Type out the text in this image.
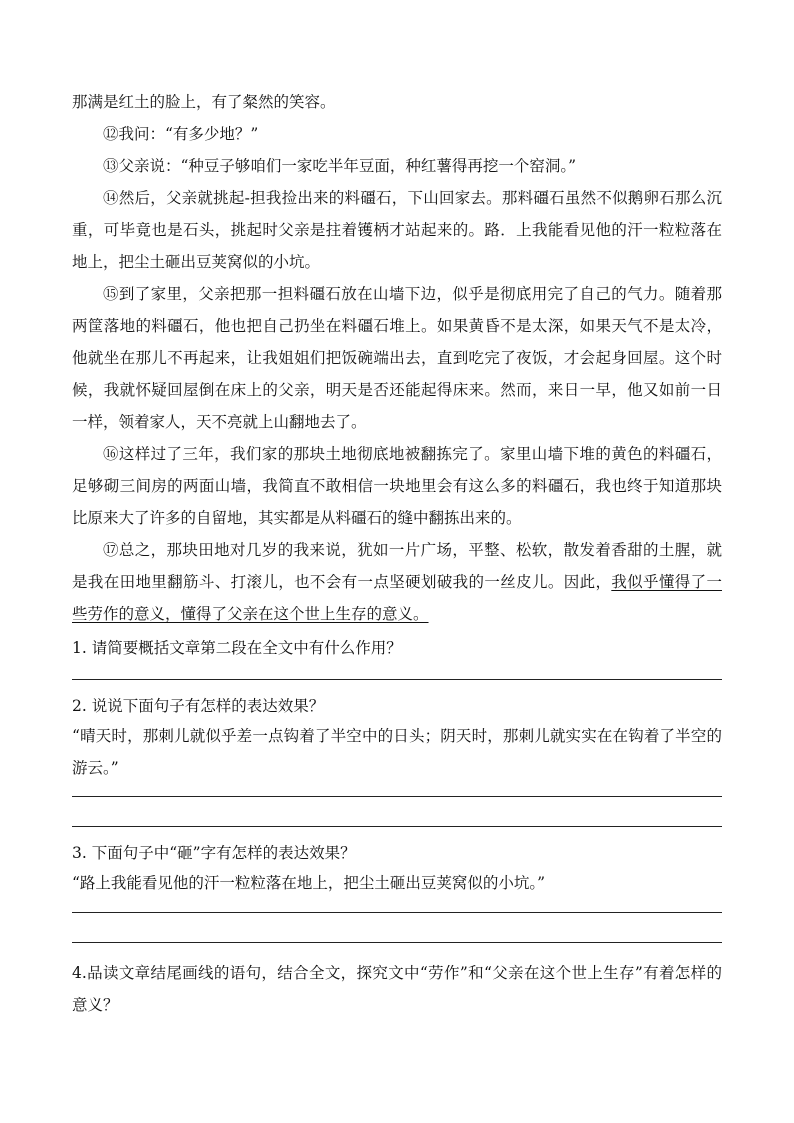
那满是红土的脸上，有了粲然的笑容。

⑫我问：“有多少地？”

⑬父亲说：“种豆子够咱们一家吃半年豆面，种红薯得再挖一个窑洞。”

⑭然后，父亲就挑起-担我捡出来的料礓石，下山回家去。那料礓石虽然不似鹅卵石那么沉重，可毕竟也是石头，挑起时父亲是拄着镬柄才站起来的。路．上我能看见他的汗一粒粒落在地上，把尘土砸出豆荚窝似的小坑。

⑮到了家里，父亲把那一担料礓石放在山墙下边，似乎是彻底用完了自己的气力。随着那两筐落地的料礓石，他也把自己扔坐在料礓石堆上。如果黄昏不是太深，如果天气不是太冷，他就坐在那儿不再起来，让我姐姐们把饭碗端出去，直到吃完了夜饭，才会起身回屋。这个时候，我就怀疑回屋倒在床上的父亲，明天是否还能起得床来。然而，来日一早，他又如前一日一样，领着家人，天不亮就上山翻地去了。

⑯这样过了三年，我们家的那块土地彻底地被翻拣完了。家里山墙下堆的黄色的料礓石，足够砌三间房的两面山墙，我简直不敢相信一块地里会有这么多的料礓石，我也终于知道那块比原来大了许多的自留地，其实都是从料礓石的缝中翻拣出来的。

⑰总之，那块田地对几岁的我来说，犹如一片广场，平整、松软，散发着香甜的土腥，就是我在田地里翻筋斗、打滚儿，也不会有一点坚硬划破我的一丝皮儿。因此，我似乎懂得了一些劳作的意义，懂得了父亲在这个世上生存的意义。

1. 请简要概括文章第二段在全文中有什么作用？

2. 说说下面句子有怎样的表达效果？

“晴天时，那刺儿就似乎差一点钩着了半空中的日头；阴天时，那刺儿就实实在在钩着了半空的游云。”

3. 下面句子中“砸”字有怎样的表达效果？

“路上我能看见他的汗一粒粒落在地上，把尘土砸出豆荚窝似的小坑。”

4.品读文章结尾画线的语句，结合全文，探究文中“劳作”和“父亲在这个世上生存”有着怎样的意义？
